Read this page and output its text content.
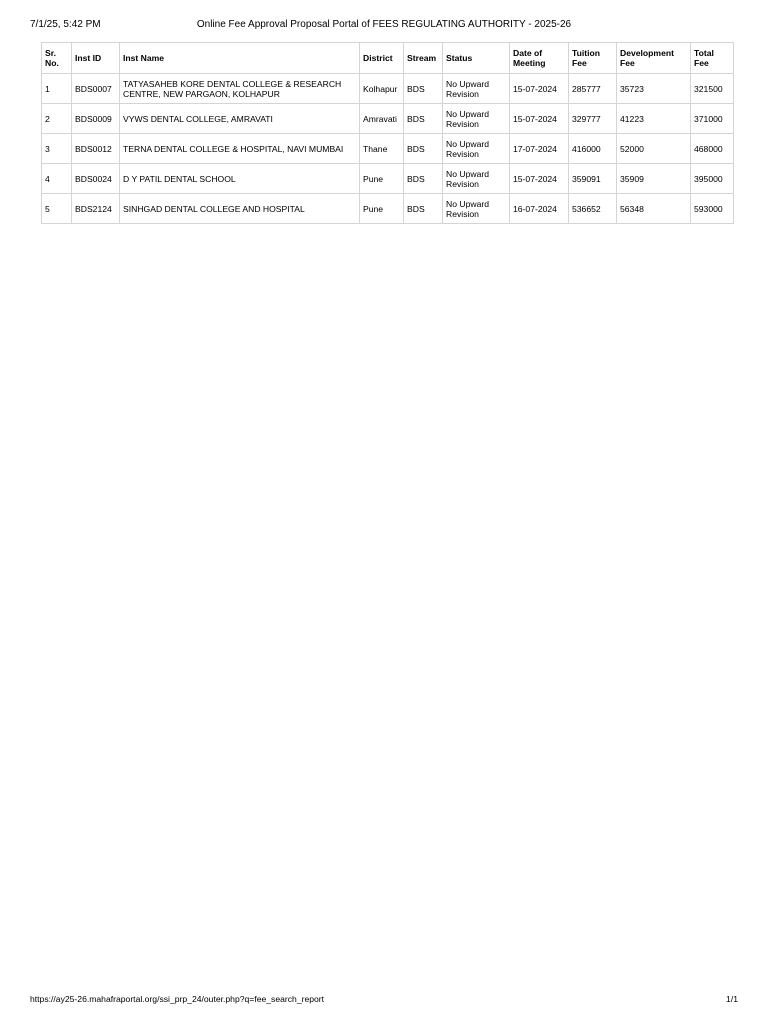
Online Fee Approval Proposal Portal of FEES REGULATING AUTHORITY - 2025-26
7/1/25, 5:42 PM
Sr. No.	Inst ID	Inst Name	District	Stream	Status	Date of Meeting	Tuition Fee	Development Fee	Total Fee
1	BDS0007	TATYASAHEB KORE DENTAL COLLEGE & RESEARCH CENTRE, NEW PARGAON, KOLHAPUR	Kolhapur	BDS	No Upward Revision	15-07-2024	285777	35723	321500
2	BDS0009	VYWS DENTAL COLLEGE, AMRAVATI	Amravati	BDS	No Upward Revision	15-07-2024	329777	41223	371000
3	BDS0012	TERNA DENTAL COLLEGE & HOSPITAL, NAVI MUMBAI	Thane	BDS	No Upward Revision	17-07-2024	416000	52000	468000
4	BDS0024	D Y PATIL DENTAL SCHOOL	Pune	BDS	No Upward Revision	15-07-2024	359091	35909	395000
5	BDS2124	SINHGAD DENTAL COLLEGE AND HOSPITAL	Pune	BDS	No Upward Revision	16-07-2024	536652	56348	593000
https://ay25-26.mahafraportal.org/ssi_prp_24/outer.php?q=fee_search_report	1/1
